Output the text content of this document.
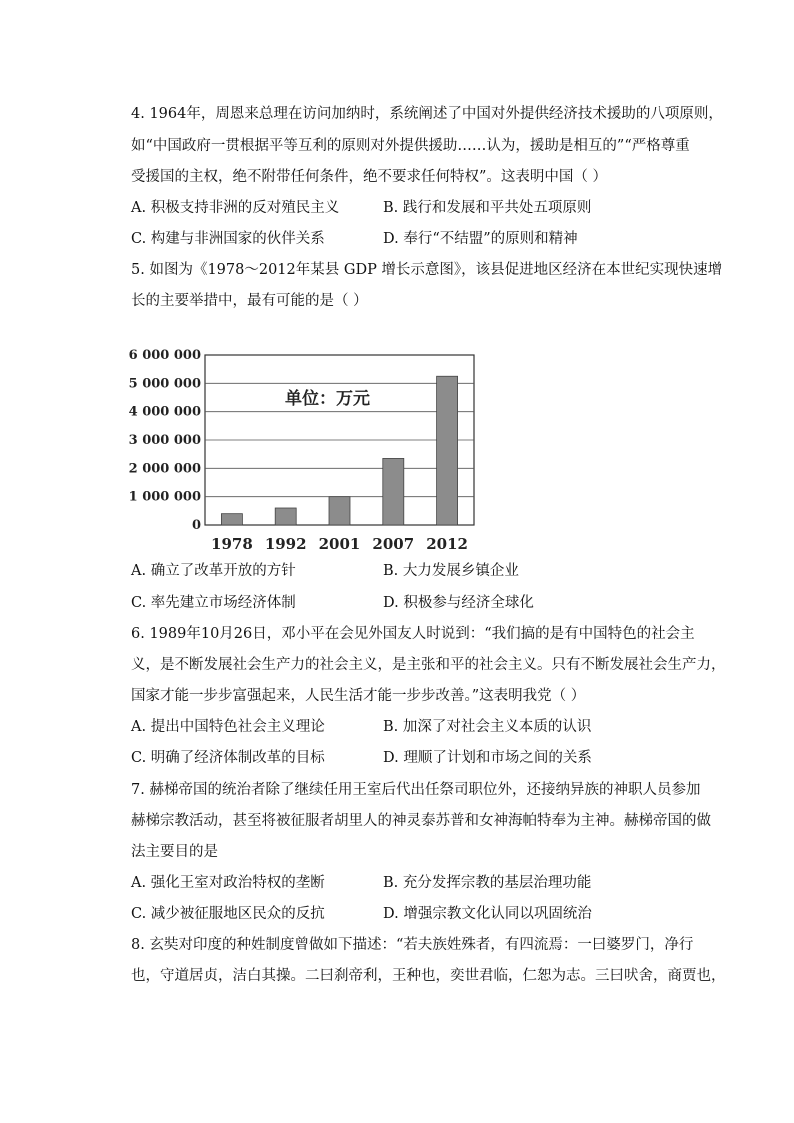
4. 1964年，周恩来总理在访问加纳时，系统阐述了中国对外提供经济技术援助的八项原则，
如“中国政府一贯根据平等互利的原则对外提供援助……认为，援助是相互的”“严格尊重
受援国的主权，绝不附带任何条件，绝不要求任何特权”。这表明中国（ ）
A. 积极支持非洲的反对殖民主义	B. 践行和发展和平共处五项原则
C. 构建与非洲国家的伙伴关系	D. 奉行“不结盟”的原则和精神
5. 如图为《1978～2012年某县 GDP 增长示意图》，该县促进地区经济在本世纪实现快速增
长的主要举措中，最有可能的是（ ）
0
1 000 000
2 000 000
3 000 000
4 000 000
5 000 000
6 000 000
1978 1992 2001 2007 2012
单位：万元
A. 确立了改革开放的方针	B. 大力发展乡镇企业
C. 率先建立市场经济体制	D. 积极参与经济全球化
6. 1989年10月26日，邓小平在会见外国友人时说到：“我们搞的是有中国特色的社会主
义，是不断发展社会生产力的社会主义，是主张和平的社会主义。只有不断发展社会生产力，
国家才能一步步富强起来，人民生活才能一步步改善。”这表明我党（ ）
A. 提出中国特色社会主义理论	B. 加深了对社会主义本质的认识
C. 明确了经济体制改革的目标	D. 理顺了计划和市场之间的关系
7. 赫梯帝国的统治者除了继续任用王室后代出任祭司职位外，还接纳异族的神职人员参加
赫梯宗教活动，甚至将被征服者胡里人的神灵泰苏普和女神海帕特奉为主神。赫梯帝国的做
法主要目的是
A. 强化王室对政治特权的垄断	B. 充分发挥宗教的基层治理功能
C. 减少被征服地区民众的反抗	D. 增强宗教文化认同以巩固统治
8. 玄奘对印度的种姓制度曾做如下描述：“若夫族姓殊者，有四流焉：一曰婆罗门，净行
也，守道居贞，洁白其操。二曰刹帝利，王种也，奕世君临，仁恕为志。三曰吠舍，商贾也，
